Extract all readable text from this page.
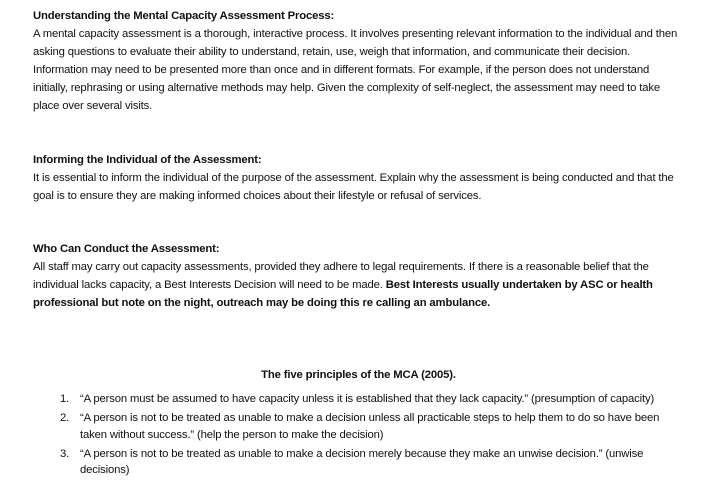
Understanding the Mental Capacity Assessment Process:

A mental capacity assessment is a thorough, interactive process. It involves presenting relevant information to the individual and then asking questions to evaluate their ability to understand, retain, use, weigh that information, and communicate their decision. Information may need to be presented more than once and in different formats. For example, if the person does not understand initially, rephrasing or using alternative methods may help. Given the complexity of self-neglect, the assessment may need to take place over several visits.

Informing the Individual of the Assessment:

It is essential to inform the individual of the purpose of the assessment. Explain why the assessment is being conducted and that the goal is to ensure they are making informed choices about their lifestyle or refusal of services.

Who Can Conduct the Assessment:

All staff may carry out capacity assessments, provided they adhere to legal requirements. If there is a reasonable belief that the individual lacks capacity, a Best Interests Decision will need to be made. Best Interests usually undertaken by ASC or health professional but note on the night, outreach may be doing this re calling an ambulance.

The five principles of the MCA (2005).
1. “A person must be assumed to have capacity unless it is established that they lack capacity.” (presumption of capacity)
2. “A person is not to be treated as unable to make a decision unless all practicable steps to help them to do so have been taken without success.” (help the person to make the decision)
3. “A person is not to be treated as unable to make a decision merely because they make an unwise decision.” (unwise decisions)
